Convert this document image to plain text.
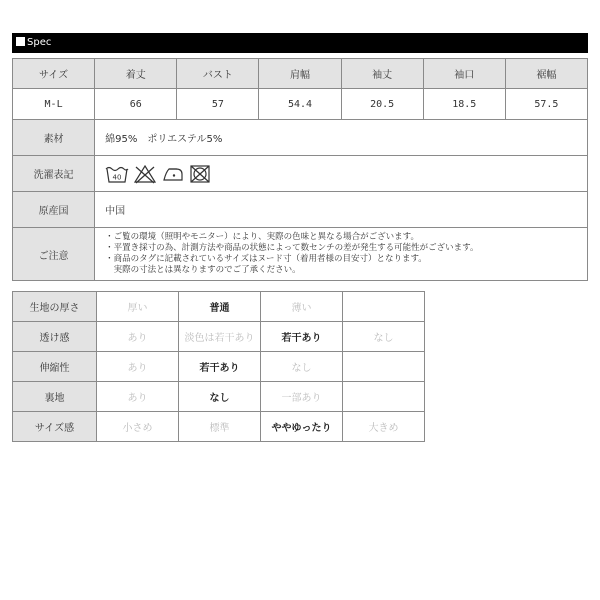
Spec
サイズ	着丈	バスト	肩幅	袖丈	袖口	裾幅
M-L	66	57	54.4	20.5	18.5	57.5
素材	綿95%　ポリエステル5%					
洗濯表記	40					

原産国	中国					
ご注意	・ご覧の環境（照明やモニター）により、実際の色味と異なる場合がございます。
・平置き採寸の為、計測方法や商品の状態によって数センチの差が発生する可能性がございます。
・商品のタグに記載されているサイズはヌード寸（着用者様の目安寸）となります。
　実際の寸法とは異なりますのでご了承ください。					
生地の厚さ	厚い	普通	薄い	
透け感	あり	淡色は若干あり	若干あり	なし
伸縮性	あり	若干あり	なし	
裏地	あり	なし	一部あり	
サイズ感	小さめ	標準	ややゆったり	大きめ
